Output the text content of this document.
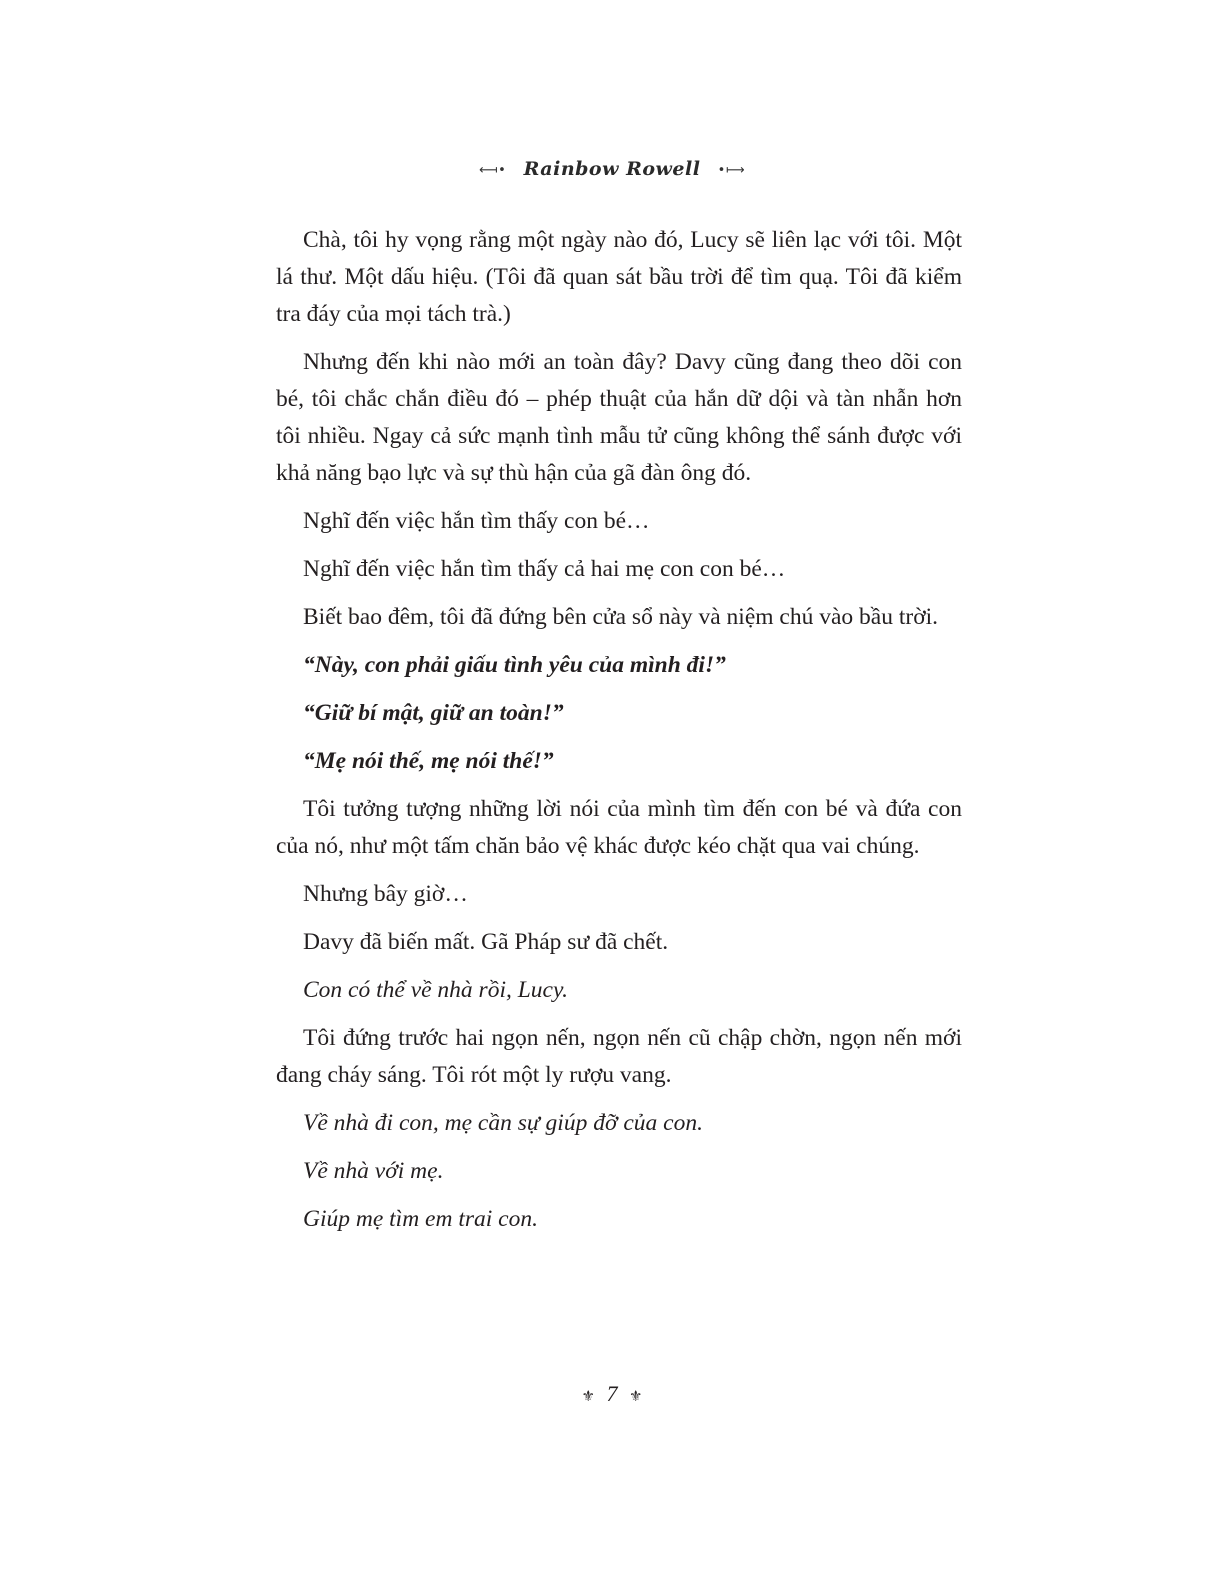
⟻• Rainbow Rowell •⟼

Chà, tôi hy vọng rằng một ngày nào đó, Lucy sẽ liên lạc với tôi. Một lá thư. Một dấu hiệu. (Tôi đã quan sát bầu trời để tìm quạ. Tôi đã kiểm tra đáy của mọi tách trà.)

Nhưng đến khi nào mới an toàn đây? Davy cũng đang theo dõi con bé, tôi chắc chắn điều đó – phép thuật của hắn dữ dội và tàn nhẫn hơn tôi nhiều. Ngay cả sức mạnh tình mẫu tử cũng không thể sánh được với khả năng bạo lực và sự thù hận của gã đàn ông đó.

Nghĩ đến việc hắn tìm thấy con bé…

Nghĩ đến việc hắn tìm thấy cả hai mẹ con con bé…

Biết bao đêm, tôi đã đứng bên cửa sổ này và niệm chú vào bầu trời.

“Này, con phải giấu tình yêu của mình đi!”

“Giữ bí mật, giữ an toàn!”

“Mẹ nói thế, mẹ nói thế!”

Tôi tưởng tượng những lời nói của mình tìm đến con bé và đứa con của nó, như một tấm chăn bảo vệ khác được kéo chặt qua vai chúng.

Nhưng bây giờ…

Davy đã biến mất. Gã Pháp sư đã chết.

Con có thể về nhà rồi, Lucy.

Tôi đứng trước hai ngọn nến, ngọn nến cũ chập chờn, ngọn nến mới đang cháy sáng. Tôi rót một ly rượu vang.

Về nhà đi con, mẹ cần sự giúp đỡ của con.

Về nhà với mẹ.

Giúp mẹ tìm em trai con.

⚜ 7 ⚜
